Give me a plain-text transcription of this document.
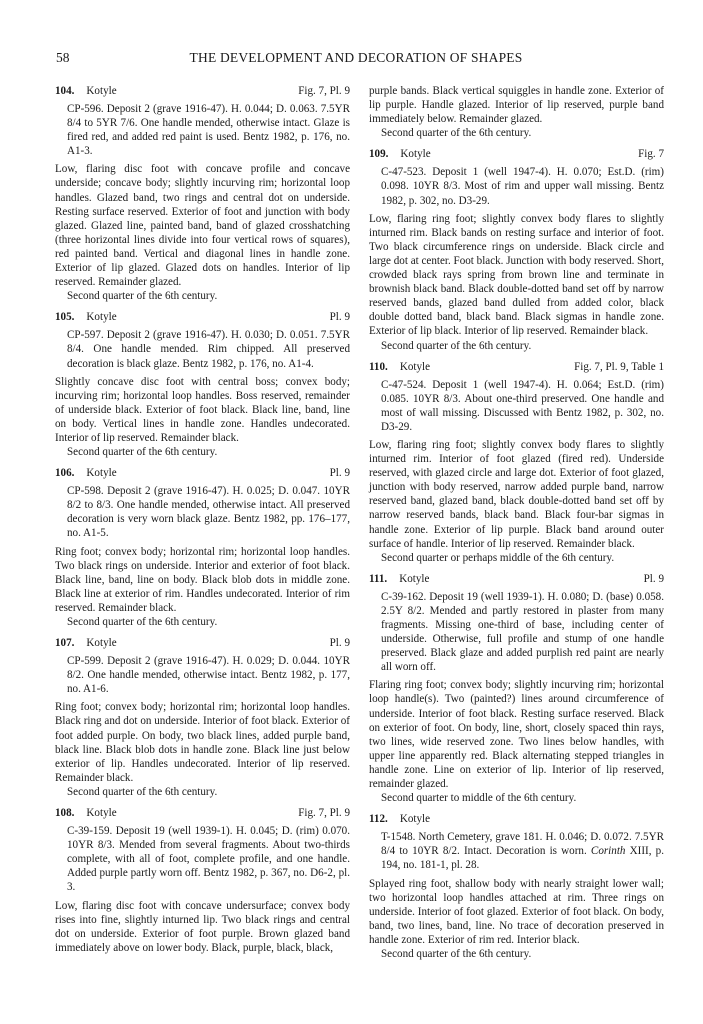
58	THE DEVELOPMENT AND DECORATION OF SHAPES
104. Kotyle	Fig. 7, Pl. 9

CP-596. Deposit 2 (grave 1916-47). H. 0.044; D. 0.063. 7.5YR 8/4 to 5YR 7/6. One handle mended, otherwise intact. Glaze is fired red, and added red paint is used. Bentz 1982, p. 176, no. A1-3.

Low, flaring disc foot with concave profile and concave underside; concave body; slightly incurving rim; horizontal loop handles. Glazed band, two rings and central dot on underside. Resting surface reserved. Exterior of foot and junction with body glazed. Glazed line, painted band, band of glazed crosshatching (three horizontal lines divide into four vertical rows of squares), red painted band. Vertical and diagonal lines in handle zone. Exterior of lip glazed. Glazed dots on handles. Interior of lip reserved. Remainder glazed.

Second quarter of the 6th century.

105. Kotyle	Pl. 9

CP-597. Deposit 2 (grave 1916-47). H. 0.030; D. 0.051. 7.5YR 8/4. One handle mended. Rim chipped. All preserved decoration is black glaze. Bentz 1982, p. 176, no. A1-4.

Slightly concave disc foot with central boss; convex body; incurving rim; horizontal loop handles. Boss reserved, remainder of underside black. Exterior of foot black. Black line, band, line on body. Vertical lines in handle zone. Handles undecorated. Interior of lip reserved. Remainder black.

Second quarter of the 6th century.

106. Kotyle	Pl. 9

CP-598. Deposit 2 (grave 1916-47). H. 0.025; D. 0.047. 10YR 8/2 to 8/3. One handle mended, otherwise intact. All preserved decoration is very worn black glaze. Bentz 1982, pp. 176–177, no. A1-5.

Ring foot; convex body; horizontal rim; horizontal loop handles. Two black rings on underside. Interior and exterior of foot black. Black line, band, line on body. Black blob dots in middle zone. Black line at exterior of rim. Handles undecorated. Interior of rim reserved. Remainder black.

Second quarter of the 6th century.

107. Kotyle	Pl. 9

CP-599. Deposit 2 (grave 1916-47). H. 0.029; D. 0.044. 10YR 8/2. One handle mended, otherwise intact. Bentz 1982, p. 177, no. A1-6.

Ring foot; convex body; horizontal rim; horizontal loop handles. Black ring and dot on underside. Interior of foot black. Exterior of foot added purple. On body, two black lines, added purple band, black line. Black blob dots in handle zone. Black line just below exterior of lip. Handles undecorated. Interior of lip reserved. Remainder black.

Second quarter of the 6th century.

108. Kotyle	Fig. 7, Pl. 9

C-39-159. Deposit 19 (well 1939-1). H. 0.045; D. (rim) 0.070. 10YR 8/3. Mended from several fragments. About two-thirds complete, with all of foot, complete profile, and one handle. Added purple partly worn off. Bentz 1982, p. 367, no. D6-2, pl. 3.

Low, flaring disc foot with concave undersurface; convex body rises into fine, slightly inturned lip. Two black rings and central dot on underside. Exterior of foot purple. Brown glazed band immediately above on lower body. Black, purple, black, black,

purple bands. Black vertical squiggles in handle zone. Exterior of lip purple. Handle glazed. Interior of lip reserved, purple band immediately below. Remainder glazed.

Second quarter of the 6th century.

109. Kotyle	Fig. 7

C-47-523. Deposit 1 (well 1947-4). H. 0.070; Est.D. (rim) 0.098. 10YR 8/3. Most of rim and upper wall missing. Bentz 1982, p. 302, no. D3-29.

Low, flaring ring foot; slightly convex body flares to slightly inturned rim. Black bands on resting surface and interior of foot. Two black circumference rings on underside. Black circle and large dot at center. Foot black. Junction with body reserved. Short, crowded black rays spring from brown line and terminate in brownish black band. Black double-dotted band set off by narrow reserved bands, glazed band dulled from added color, black double dotted band, black band. Black sigmas in handle zone. Exterior of lip black. Interior of lip reserved. Remainder black.

Second quarter of the 6th century.

110. Kotyle	Fig. 7, Pl. 9, Table 1

C-47-524. Deposit 1 (well 1947-4). H. 0.064; Est.D. (rim) 0.085. 10YR 8/3. About one-third preserved. One handle and most of wall missing. Discussed with Bentz 1982, p. 302, no. D3-29.

Low, flaring ring foot; slightly convex body flares to slightly inturned rim. Interior of foot glazed (fired red). Underside reserved, with glazed circle and large dot. Exterior of foot glazed, junction with body reserved, narrow added purple band, narrow reserved band, glazed band, black double-dotted band set off by narrow reserved bands, black band. Black four-bar sigmas in handle zone. Exterior of lip purple. Black band around outer surface of handle. Interior of lip reserved. Remainder black.

Second quarter or perhaps middle of the 6th century.

111. Kotyle	Pl. 9

C-39-162. Deposit 19 (well 1939-1). H. 0.080; D. (base) 0.058. 2.5Y 8/2. Mended and partly restored in plaster from many fragments. Missing one-third of base, including center of underside. Otherwise, full profile and stump of one handle preserved. Black glaze and added purplish red paint are nearly all worn off.

Flaring ring foot; convex body; slightly incurving rim; horizontal loop handle(s). Two (painted?) lines around circumference of underside. Interior of foot black. Resting surface reserved. Black on exterior of foot. On body, line, short, closely spaced thin rays, two lines, wide reserved zone. Two lines below handles, with upper line apparently red. Black alternating stepped triangles in handle zone. Line on exterior of lip. Interior of lip reserved, remainder glazed.

Second quarter to middle of the 6th century.

112. Kotyle

T-1548. North Cemetery, grave 181. H. 0.046; D. 0.072. 7.5YR 8/4 to 10YR 8/2. Intact. Decoration is worn. Corinth XIII, p. 194, no. 181-1, pl. 28.

Splayed ring foot, shallow body with nearly straight lower wall; two horizontal loop handles attached at rim. Three rings on underside. Interior of foot glazed. Exterior of foot black. On body, band, two lines, band, line. No trace of decoration preserved in handle zone. Exterior of rim red. Interior black.

Second quarter of the 6th century.
